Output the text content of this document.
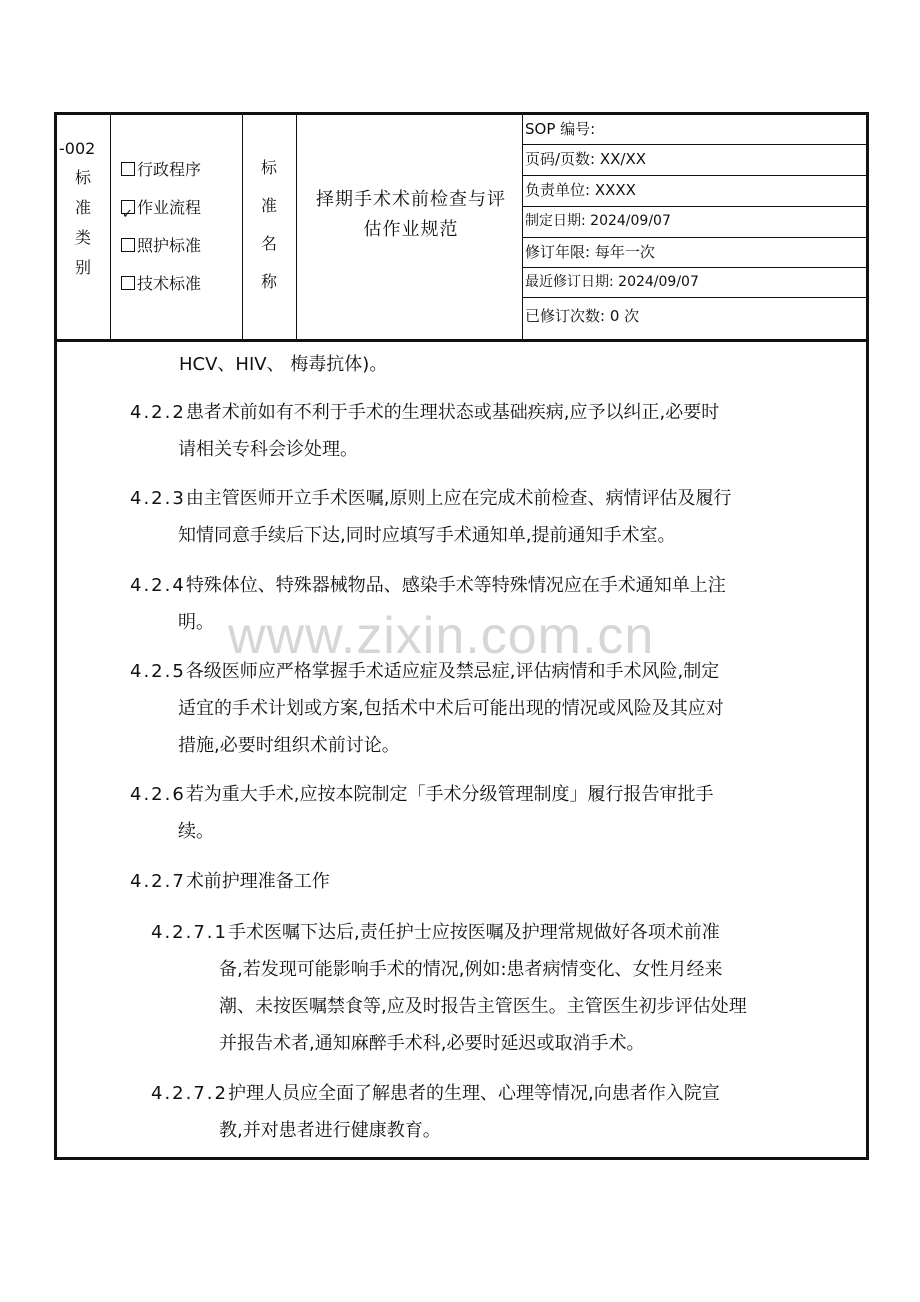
-002
标
准
类
别
行政程序
✓作业流程
照护标准
技术标准
标
准
名
称
择期手术术前检查与评
估作业规范
SOP 编号:
页码/页数: XX/XX
负责单位: XXXX
制定日期: 2024/09/07
修订年限: 每年一次
最近修订日期: 2024/09/07
已修订次数: 0 次
HCV、HIV、 梅毒抗体)。
4.2.2患者术前如有不利于手术的生理状态或基础疾病,应予以纠正,必要时
请相关专科会诊处理。
4.2.3由主管医师开立手术医嘱,原则上应在完成术前检查、病情评估及履行
知情同意手续后下达,同时应填写手术通知单,提前通知手术室。
4.2.4特殊体位、特殊器械物品、感染手术等特殊情况应在手术通知单上注
明。
4.2.5各级医师应严格掌握手术适应症及禁忌症,评估病情和手术风险,制定
适宜的手术计划或方案,包括术中术后可能出现的情况或风险及其应对
措施,必要时组织术前讨论。
4.2.6若为重大手术,应按本院制定「手术分级管理制度」履行报告审批手
续。
4.2.7术前护理准备工作
4.2.7.1手术医嘱下达后,责任护士应按医嘱及护理常规做好各项术前准
备,若发现可能影响手术的情况,例如:患者病情变化、女性月经来
潮、未按医嘱禁食等,应及时报告主管医生。主管医生初步评估处理
并报告术者,通知麻醉手术科,必要时延迟或取消手术。
4.2.7.2护理人员应全面了解患者的生理、心理等情况,向患者作入院宣
教,并对患者进行健康教育。
www.zixin.com.cn
